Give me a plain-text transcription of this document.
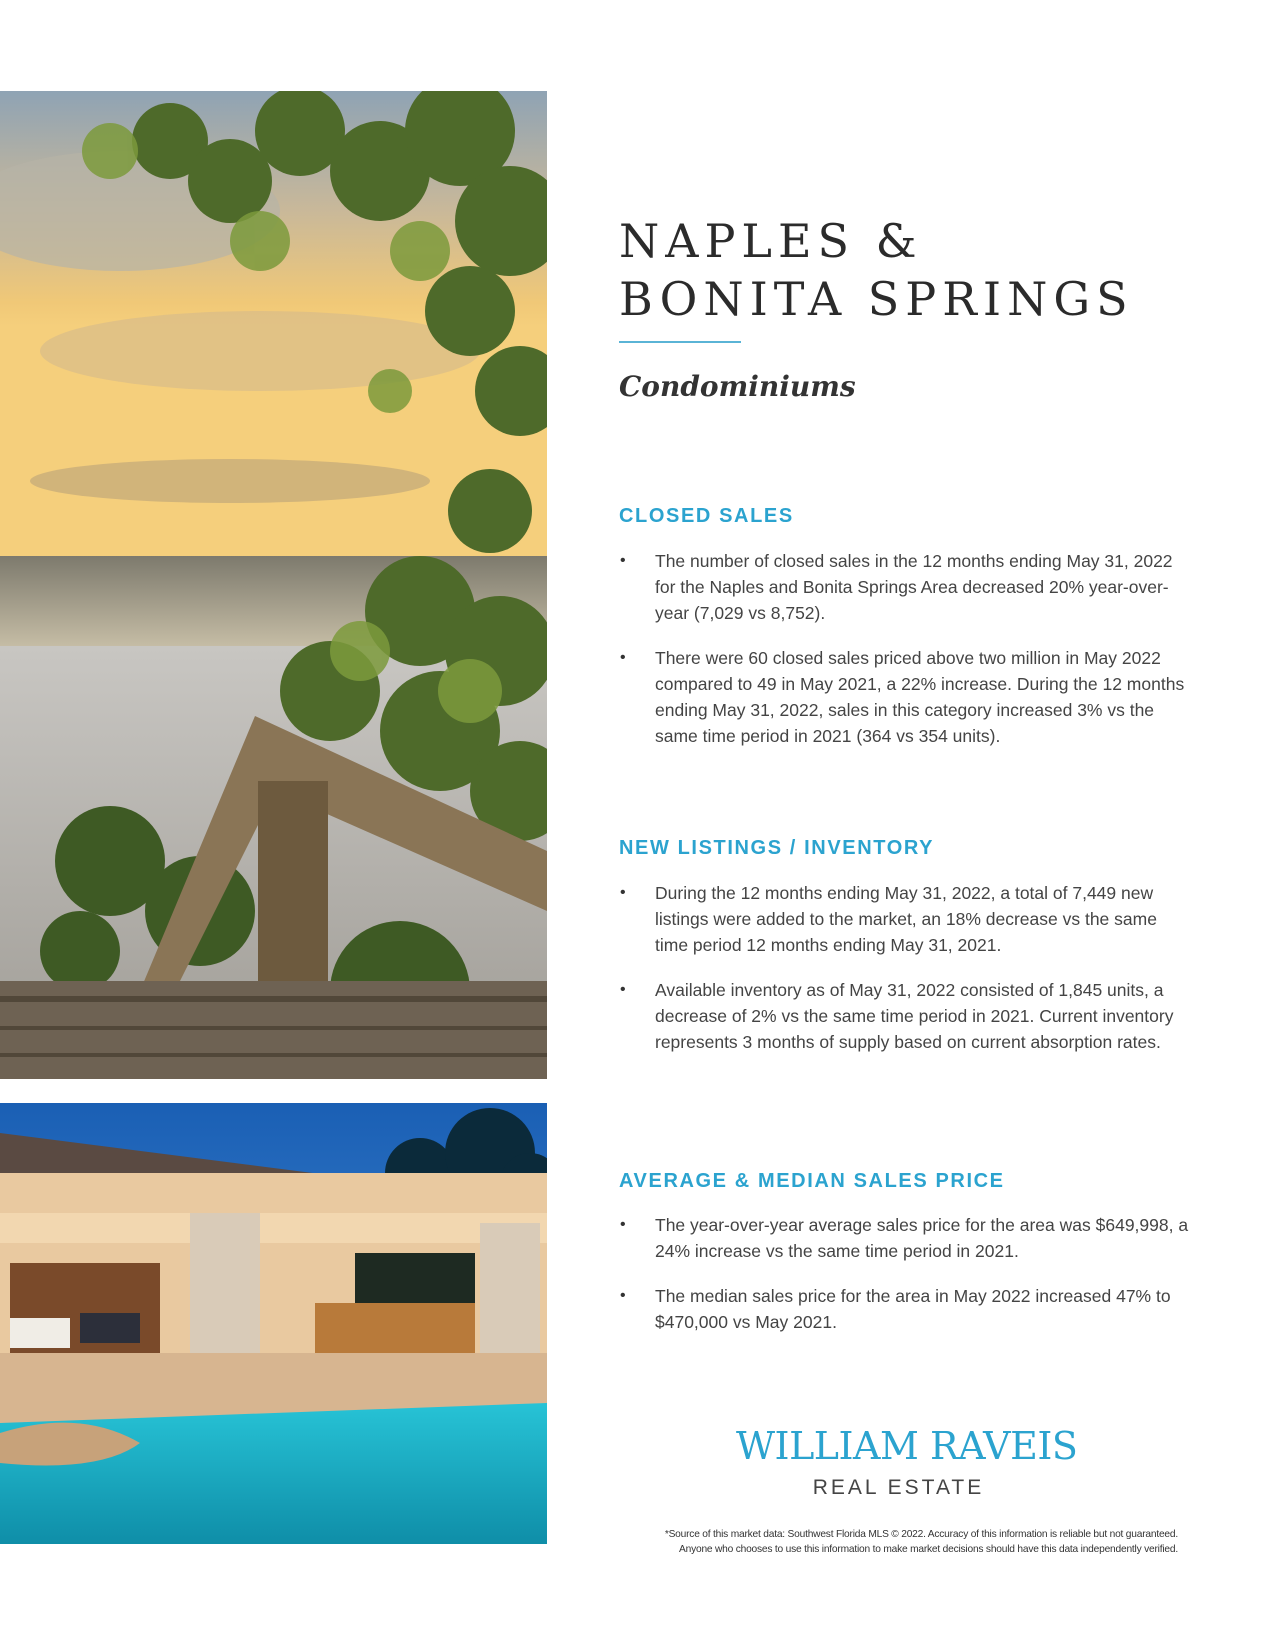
NAPLES &
BONITA SPRINGS
Condominiums
CLOSED SALES
• The number of closed sales in the 12 months ending May 31, 2022 for the Naples and Bonita Springs Area decreased 20% year-over-year (7,029 vs 8,752).
• There were 60 closed sales priced above two million in May 2022 compared to 49 in May 2021, a 22% increase. During the 12 months ending May 31, 2022, sales in this category increased 3% vs the same time period in 2021 (364 vs 354 units).
NEW LISTINGS / INVENTORY
• During the 12 months ending May 31, 2022, a total of 7,449 new listings were added to the market, an 18% decrease vs the same time period 12 months ending May 31, 2021.
• Available inventory as of May 31, 2022 consisted of 1,845 units, a decrease of 2% vs the same time period in 2021. Current inventory represents 3 months of supply based on current absorption rates.
AVERAGE & MEDIAN SALES PRICE
• The year-over-year average sales price for the area was $649,998, a 24% increase vs the same time period in 2021.
• The median sales price for the area in May 2022 increased 47% to $470,000 vs May 2021.
WILLIAM RAVEIS
REAL ESTATE
*Source of this market data: Southwest Florida MLS © 2022. Accuracy of this information is reliable but not guaranteed.
Anyone who chooses to use this information to make market decisions should have this data independently verified.
